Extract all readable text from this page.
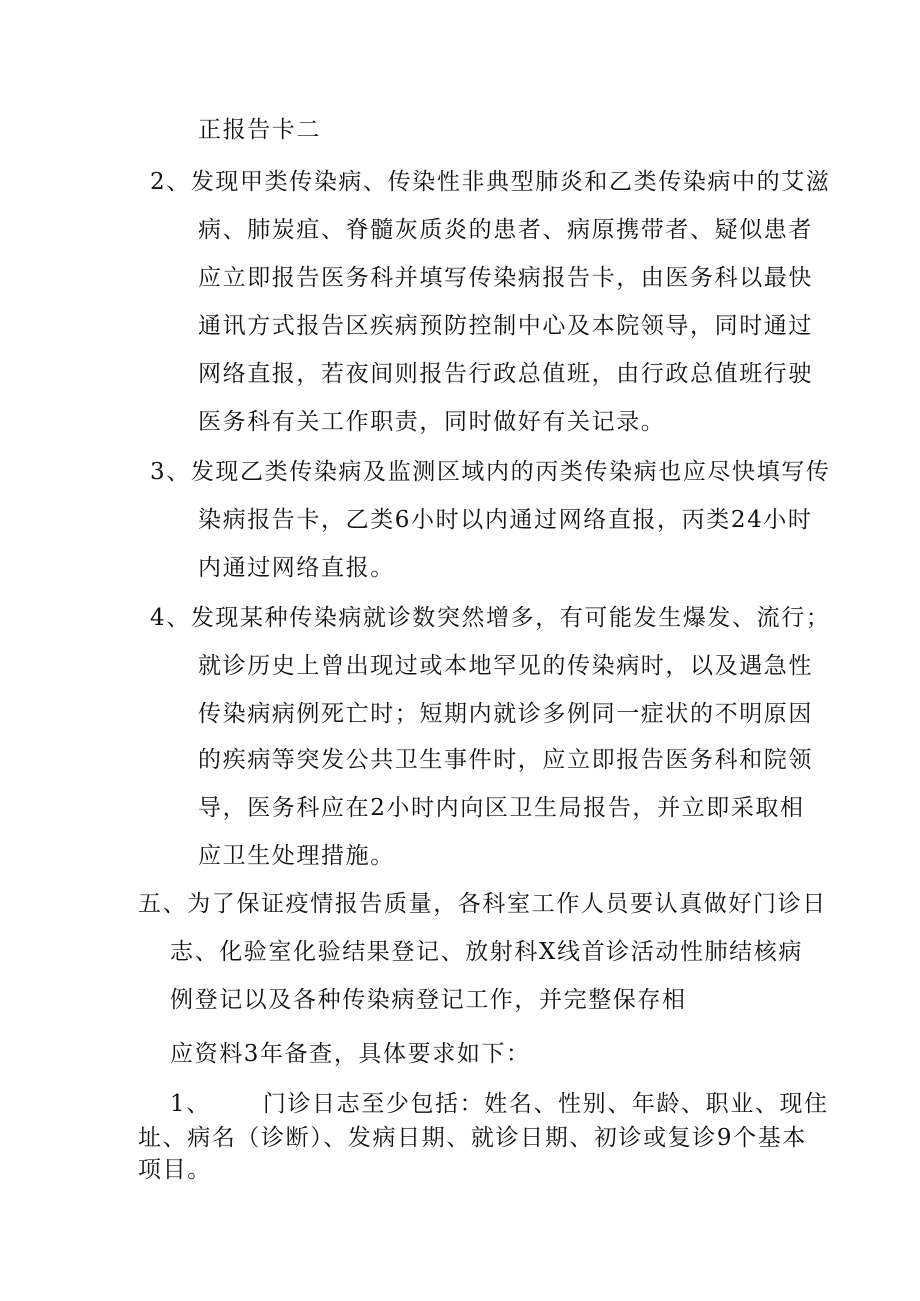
正报告卡二
2、发现甲类传染病、传染性非典型肺炎和乙类传染病中的艾滋
病、肺炭疽、脊髓灰质炎的患者、病原携带者、疑似患者
应立即报告医务科并填写传染病报告卡，由医务科以最快
通讯方式报告区疾病预防控制中心及本院领导，同时通过
网络直报，若夜间则报告行政总值班，由行政总值班行驶
医务科有关工作职责，同时做好有关记录。
3、发现乙类传染病及监测区域内的丙类传染病也应尽快填写传
染病报告卡，乙类6小时以内通过网络直报，丙类24小时
内通过网络直报。
4、发现某种传染病就诊数突然增多，有可能发生爆发、流行；
就诊历史上曾出现过或本地罕见的传染病时，以及遇急性
传染病病例死亡时；短期内就诊多例同一症状的不明原因
的疾病等突发公共卫生事件时，应立即报告医务科和院领
导，医务科应在2小时内向区卫生局报告，并立即采取相
应卫生处理措施。
五、为了保证疫情报告质量，各科室工作人员要认真做好门诊日
志、化验室化验结果登记、放射科X线首诊活动性肺结核病
例登记以及各种传染病登记工作，并完整保存相
应资料3年备查，具体要求如下：
1、 门诊日志至少包括：姓名、性别、年龄、职业、现住
址、病名（诊断）、发病日期、就诊日期、初诊或复诊9个基本
项目。
